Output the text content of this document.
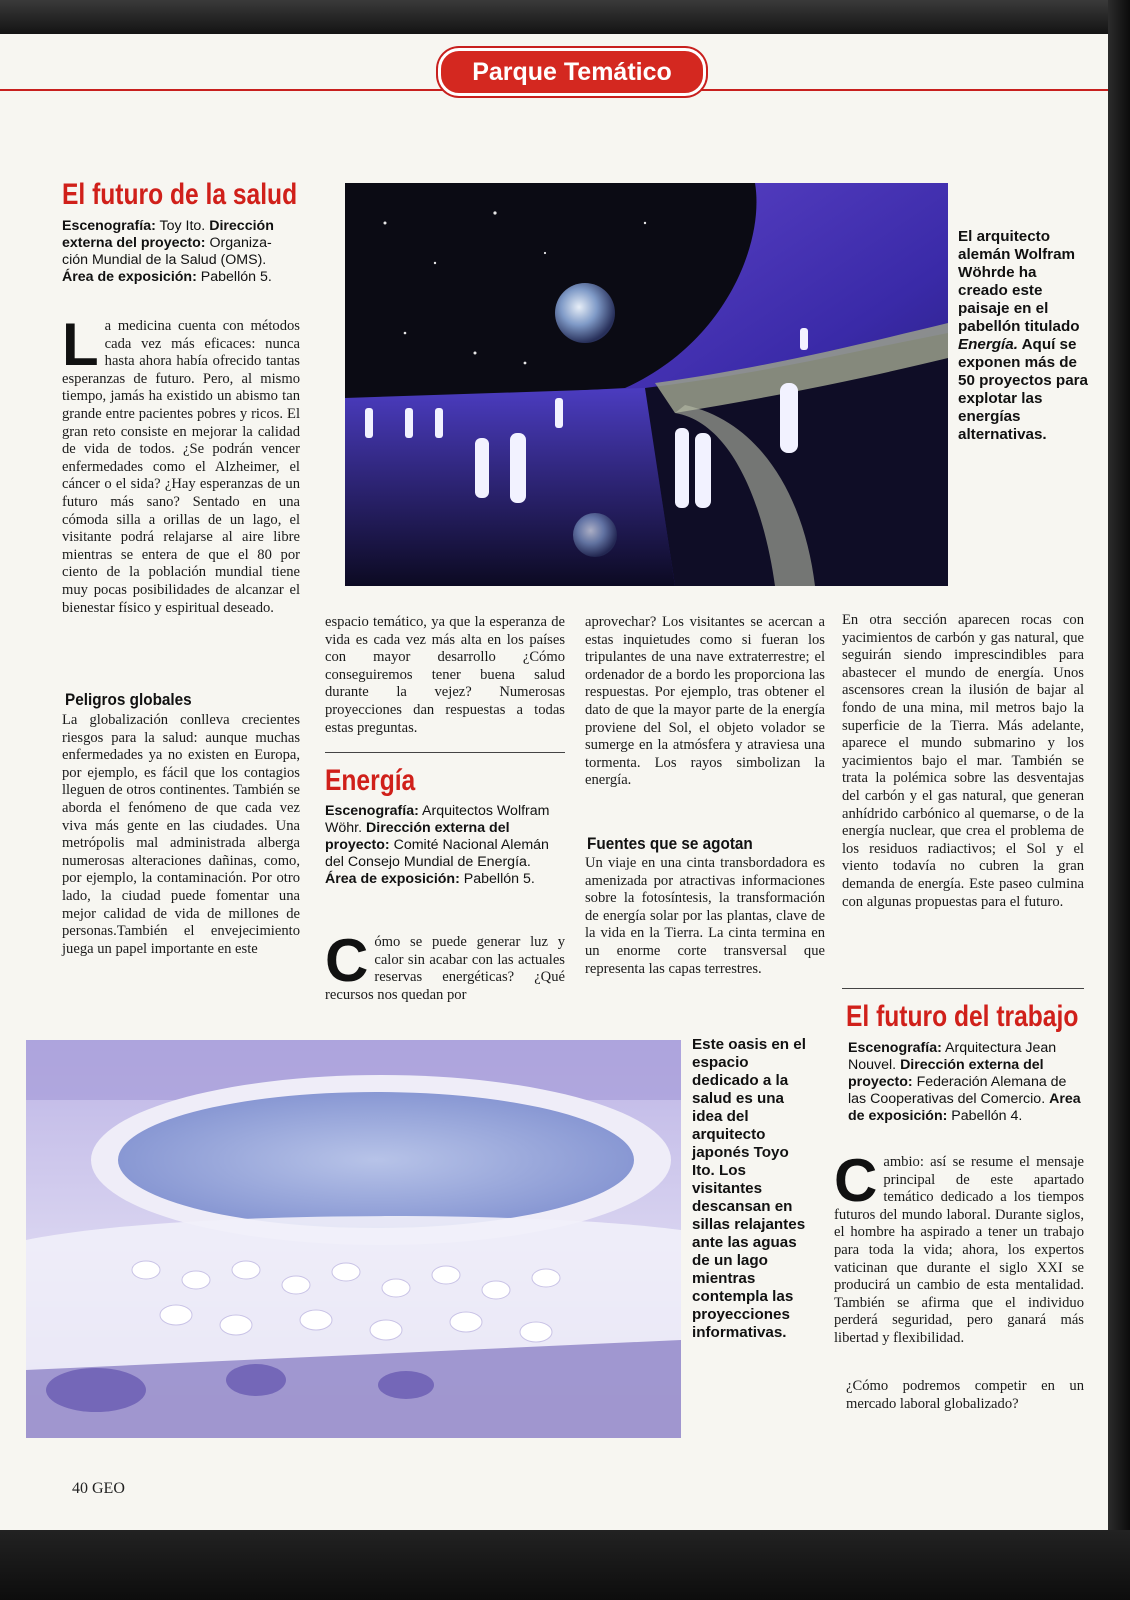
Parque Temático
El futuro de la salud
Escenografía: Toy Ito. Dirección externa del proyecto: Organiza-ción Mundial de la Salud (OMS). Área de exposición: Pabellón 5.
La medicina cuenta con métodos cada vez más eficaces: nunca hasta ahora había ofrecido tantas esperanzas de futuro. Pero, al mismo tiempo, jamás ha existido un abismo tan grande entre pacientes pobres y ricos. El gran reto consiste en mejorar la calidad de vida de todos. ¿Se podrán vencer enfermedades como el Alzheimer, el cáncer o el sida? ¿Hay esperanzas de un futuro más sano? Sentado en una cómoda silla a orillas de un lago, el visitante podrá relajarse al aire libre mientras se entera de que el 80 por ciento de la población mundial tiene muy pocas posibilidades de alcanzar el bienestar físico y espiritual deseado.
Peligros globales
La globalización conlleva crecientes riesgos para la salud: aunque muchas enfermedades ya no existen en Europa, por ejemplo, es fácil que los contagios lleguen de otros continentes. También se aborda el fenómeno de que cada vez viva más gente en las ciudades. Una metrópolis mal administrada alberga numerosas alteraciones dañinas, como, por ejemplo, la contaminación. Por otro lado, la ciudad puede fomentar una mejor calidad de vida de millones de personas.También el envejecimiento juega un papel importante en este
espacio temático, ya que la esperanza de vida es cada vez más alta en los países con mayor desarrollo ¿Cómo conseguiremos tener buena salud durante la vejez? Numerosas proyecciones dan respuestas a todas estas preguntas.
Energía
Escenografía: Arquitectos Wolfram Wöhr. Dirección externa del proyecto: Comité Nacional Alemán del Consejo Mundial de Energía. Área de exposición: Pabellón 5.
Cómo se puede generar luz y calor sin acabar con las actuales reservas energéticas? ¿Qué recursos nos quedan por
aprovechar? Los visitantes se acercan a estas inquietudes como si fueran los tripulantes de una nave extraterrestre; el ordenador de a bordo les proporciona las respuestas. Por ejemplo, tras obtener el dato de que la mayor parte de la energía proviene del Sol, el objeto volador se sumerge en la atmósfera y atraviesa una tormenta. Los rayos simbolizan la energía.
Fuentes que se agotan
Un viaje en una cinta transbordadora es amenizada por atractivas informaciones sobre la fotosíntesis, la transformación de energía solar por las plantas, clave de la vida en la Tierra. La cinta termina en un enorme corte transversal que representa las capas terrestres.
En otra sección aparecen rocas con yacimientos de carbón y gas natural, que seguirán siendo imprescindibles para abastecer el mundo de energía. Unos ascensores crean la ilusión de bajar al fondo de una mina, mil metros bajo la superficie de la Tierra. Más adelante, aparece el mundo submarino y los yacimientos bajo el mar. También se trata la polémica sobre las desventajas del carbón y el gas natural, que generan anhídrido carbónico al quemarse, o de la energía nuclear, que crea el problema de los residuos radiactivos; el Sol y el viento todavía no cubren la gran demanda de energía. Este paseo culmina con algunas propuestas para el futuro.
El futuro del trabajo
Escenografía: Arquitectura Jean Nouvel. Dirección externa del proyecto: Federación Alemana de las Cooperativas del Comercio. Area de exposición: Pabellón 4.
Cambio: así se resume el mensaje principal de este apartado temático dedicado a los tiempos futuros del mundo laboral. Durante siglos, el hombre ha aspirado a tener un trabajo para toda la vida; ahora, los expertos vaticinan que durante el siglo XXI se producirá un cambio de esta mentalidad. También se afirma que el individuo perderá seguridad, pero ganará más libertad y flexibilidad.
¿Cómo podremos competir en un mercado laboral globalizado?
El arquitecto alemán Wolfram Wöhrde ha creado este paisaje en el pabellón titulado Energía. Aquí se exponen más de 50 proyectos para explotar las energías alternativas.
Este oasis en el espacio dedicado a la salud es una idea del arquitecto japonés Toyo Ito. Los visitantes descansan en sillas relajantes ante las aguas de un lago mientras contempla las proyecciones informativas.
40 GEO
